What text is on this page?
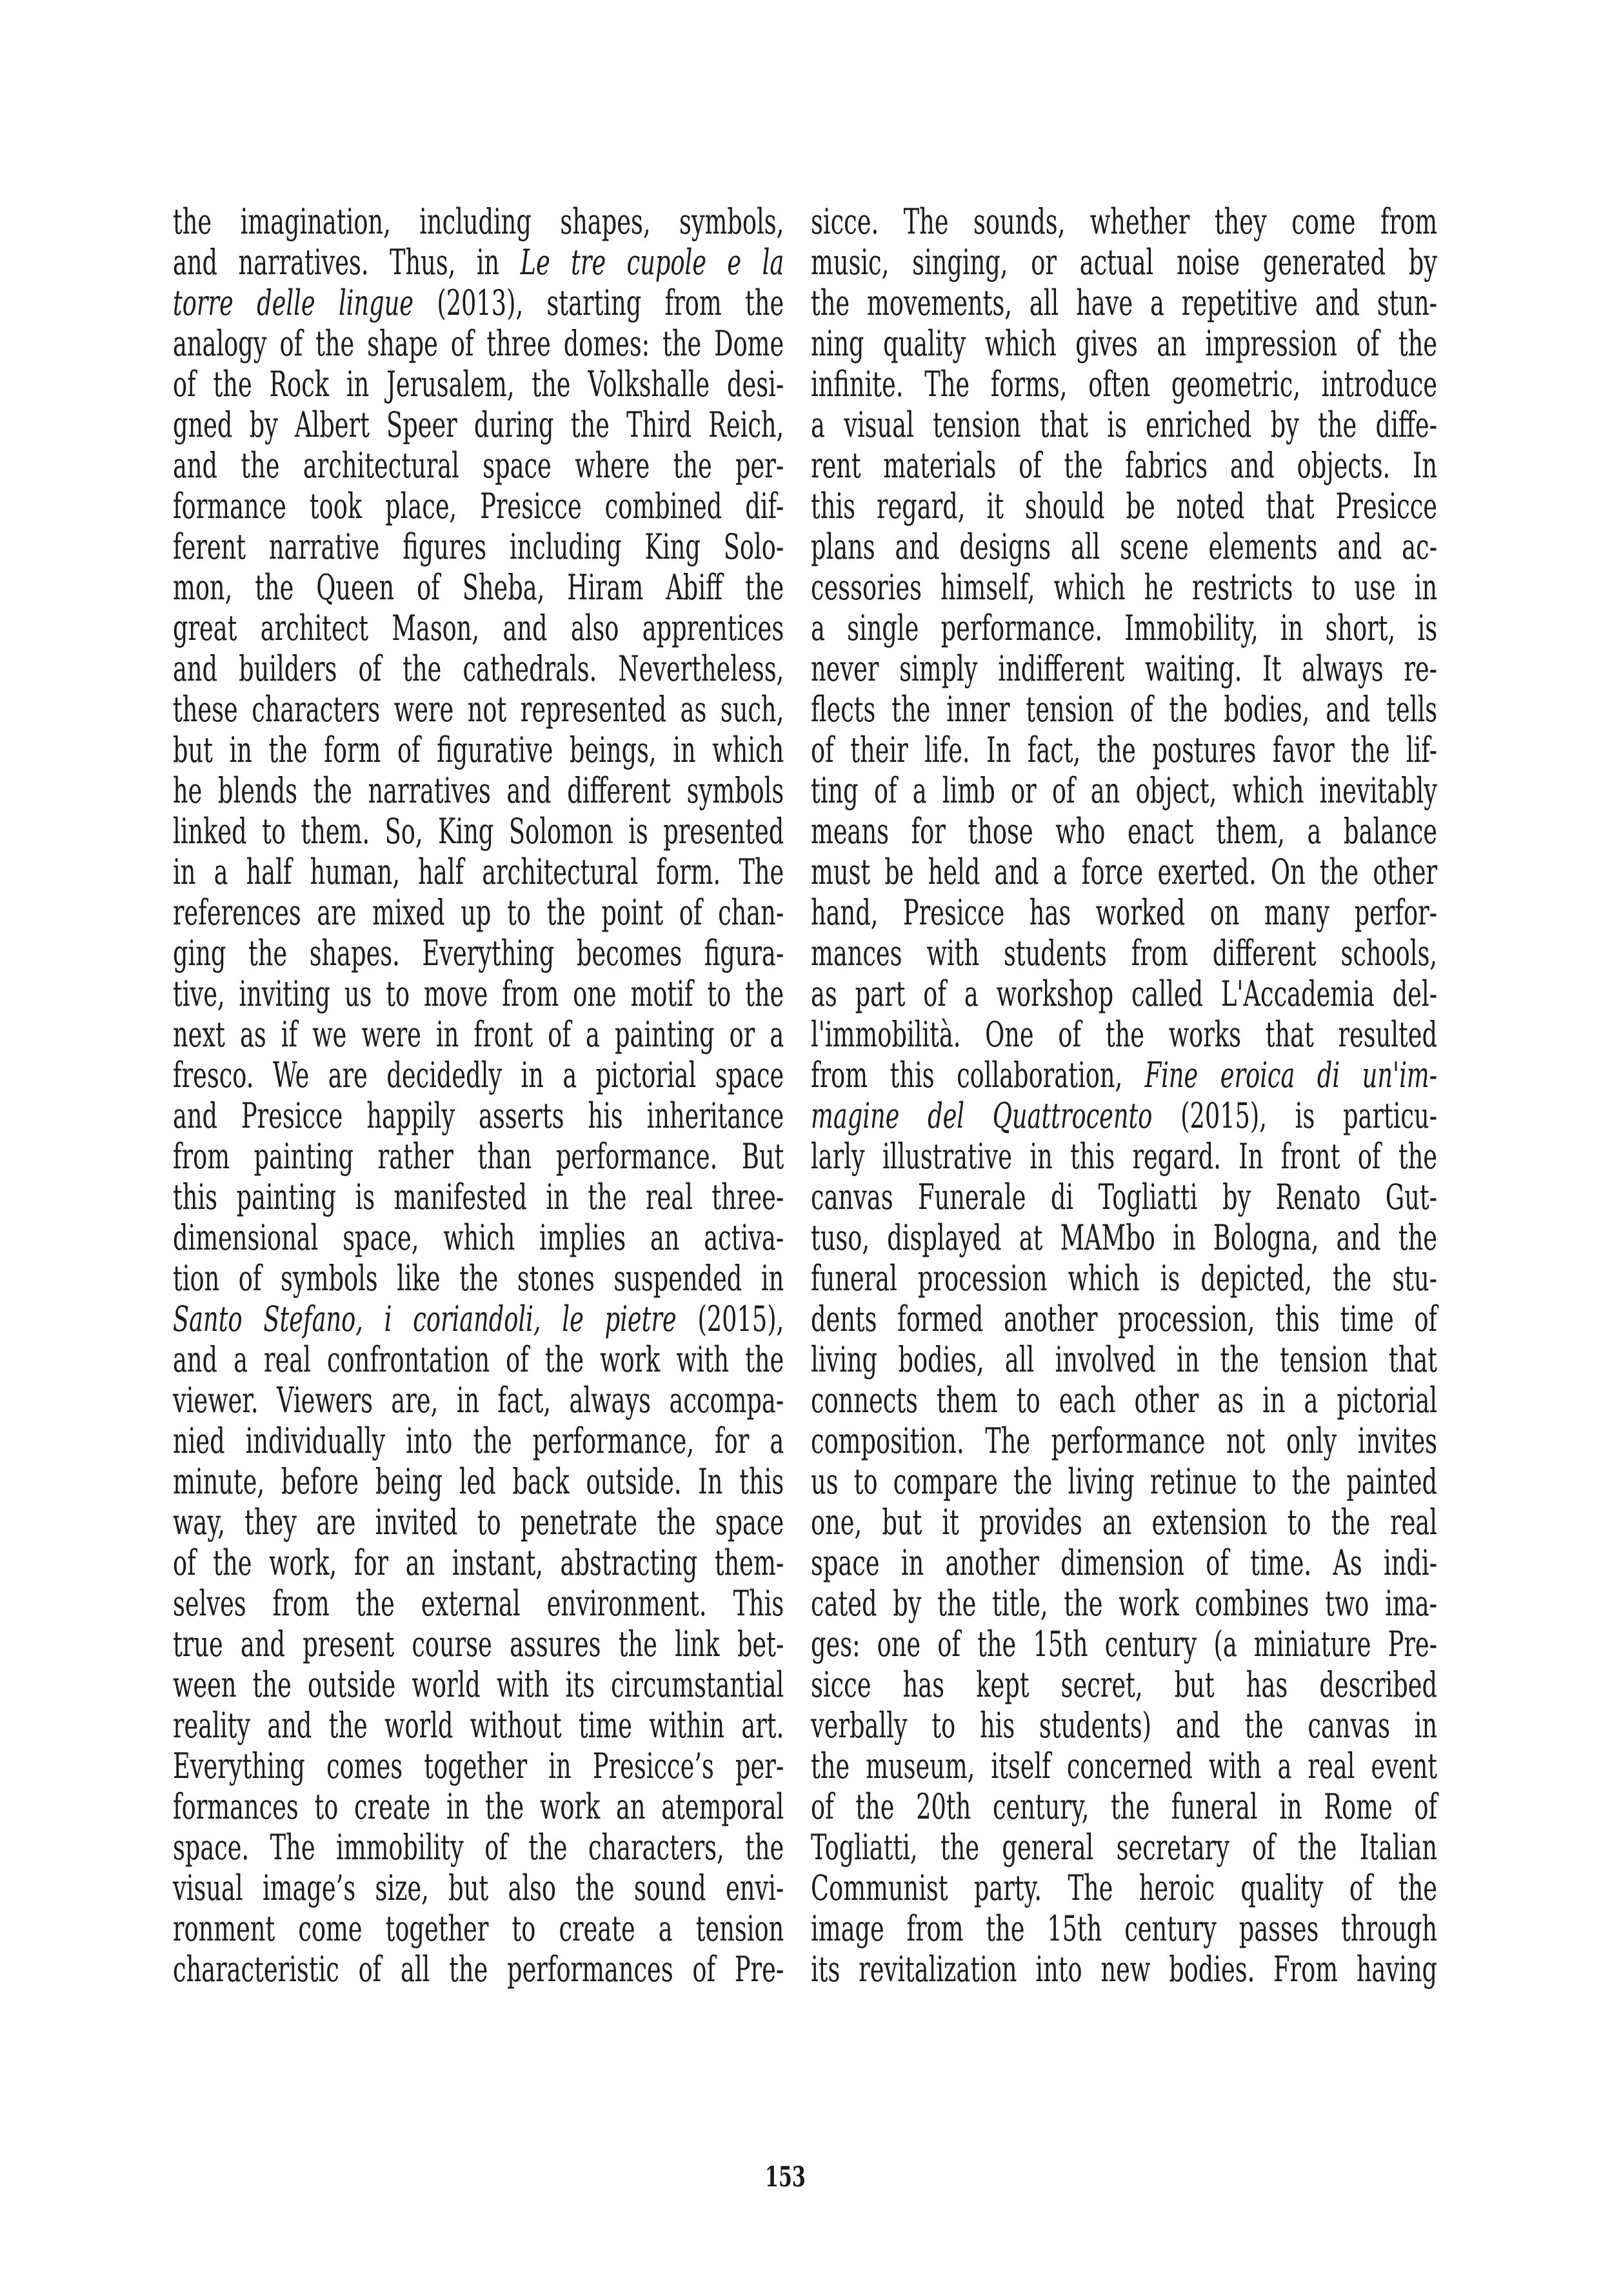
the imagination, including shapes, symbols,
and narratives. Thus, in Le tre cupole e la
torre delle lingue (2013), starting from the
analogy of the shape of three domes: the Dome
of the Rock in Jerusalem, the Volkshalle desi-
gned by Albert Speer during the Third Reich,
and the architectural space where the per-
formance took place, Presicce combined dif-
ferent narrative figures including King Solo-
mon, the Queen of Sheba, Hiram Abiff the
great architect Mason, and also apprentices
and builders of the cathedrals. Nevertheless,
these characters were not represented as such,
but in the form of figurative beings, in which
he blends the narratives and different symbols
linked to them. So, King Solomon is presented
in a half human, half architectural form. The
references are mixed up to the point of chan-
ging the shapes. Everything becomes figura-
tive, inviting us to move from one motif to the
next as if we were in front of a painting or a
fresco. We are decidedly in a pictorial space
and Presicce happily asserts his inheritance
from painting rather than performance. But
this painting is manifested in the real three-
dimensional space, which implies an activa-
tion of symbols like the stones suspended in
Santo Stefano, i coriandoli, le pietre (2015),
and a real confrontation of the work with the
viewer. Viewers are, in fact, always accompa-
nied individually into the performance, for a
minute, before being led back outside. In this
way, they are invited to penetrate the space
of the work, for an instant, abstracting them-
selves from the external environment. This
true and present course assures the link bet-
ween the outside world with its circumstantial
reality and the world without time within art.
Everything comes together in Presicce’s per-
formances to create in the work an atemporal
space. The immobility of the characters, the
visual image’s size, but also the sound envi-
ronment come together to create a tension
characteristic of all the performances of Pre-
sicce. The sounds, whether they come from
music, singing, or actual noise generated by
the movements, all have a repetitive and stun-
ning quality which gives an impression of the
infinite. The forms, often geometric, introduce
a visual tension that is enriched by the diffe-
rent materials of the fabrics and objects. In
this regard, it should be noted that Presicce
plans and designs all scene elements and ac-
cessories himself, which he restricts to use in
a single performance. Immobility, in short, is
never simply indifferent waiting. It always re-
flects the inner tension of the bodies, and tells
of their life. In fact, the postures favor the lif-
ting of a limb or of an object, which inevitably
means for those who enact them, a balance
must be held and a force exerted. On the other
hand, Presicce has worked on many perfor-
mances with students from different schools,
as part of a workshop called L'Accademia del-
l'immobilità. One of the works that resulted
from this collaboration, Fine eroica di un'im-
magine del Quattrocento (2015), is particu-
larly illustrative in this regard. In front of the
canvas Funerale di Togliatti by Renato Gut-
tuso, displayed at MAMbo in Bologna, and the
funeral procession which is depicted, the stu-
dents formed another procession, this time of
living bodies, all involved in the tension that
connects them to each other as in a pictorial
composition. The performance not only invites
us to compare the living retinue to the painted
one, but it provides an extension to the real
space in another dimension of time. As indi-
cated by the title, the work combines two ima-
ges: one of the 15th century (a miniature Pre-
sicce has kept secret, but has described
verbally to his students) and the canvas in
the museum, itself concerned with a real event
of the 20th century, the funeral in Rome of
Togliatti, the general secretary of the Italian
Communist party. The heroic quality of the
image from the 15th century passes through
its revitalization into new bodies. From having
153
